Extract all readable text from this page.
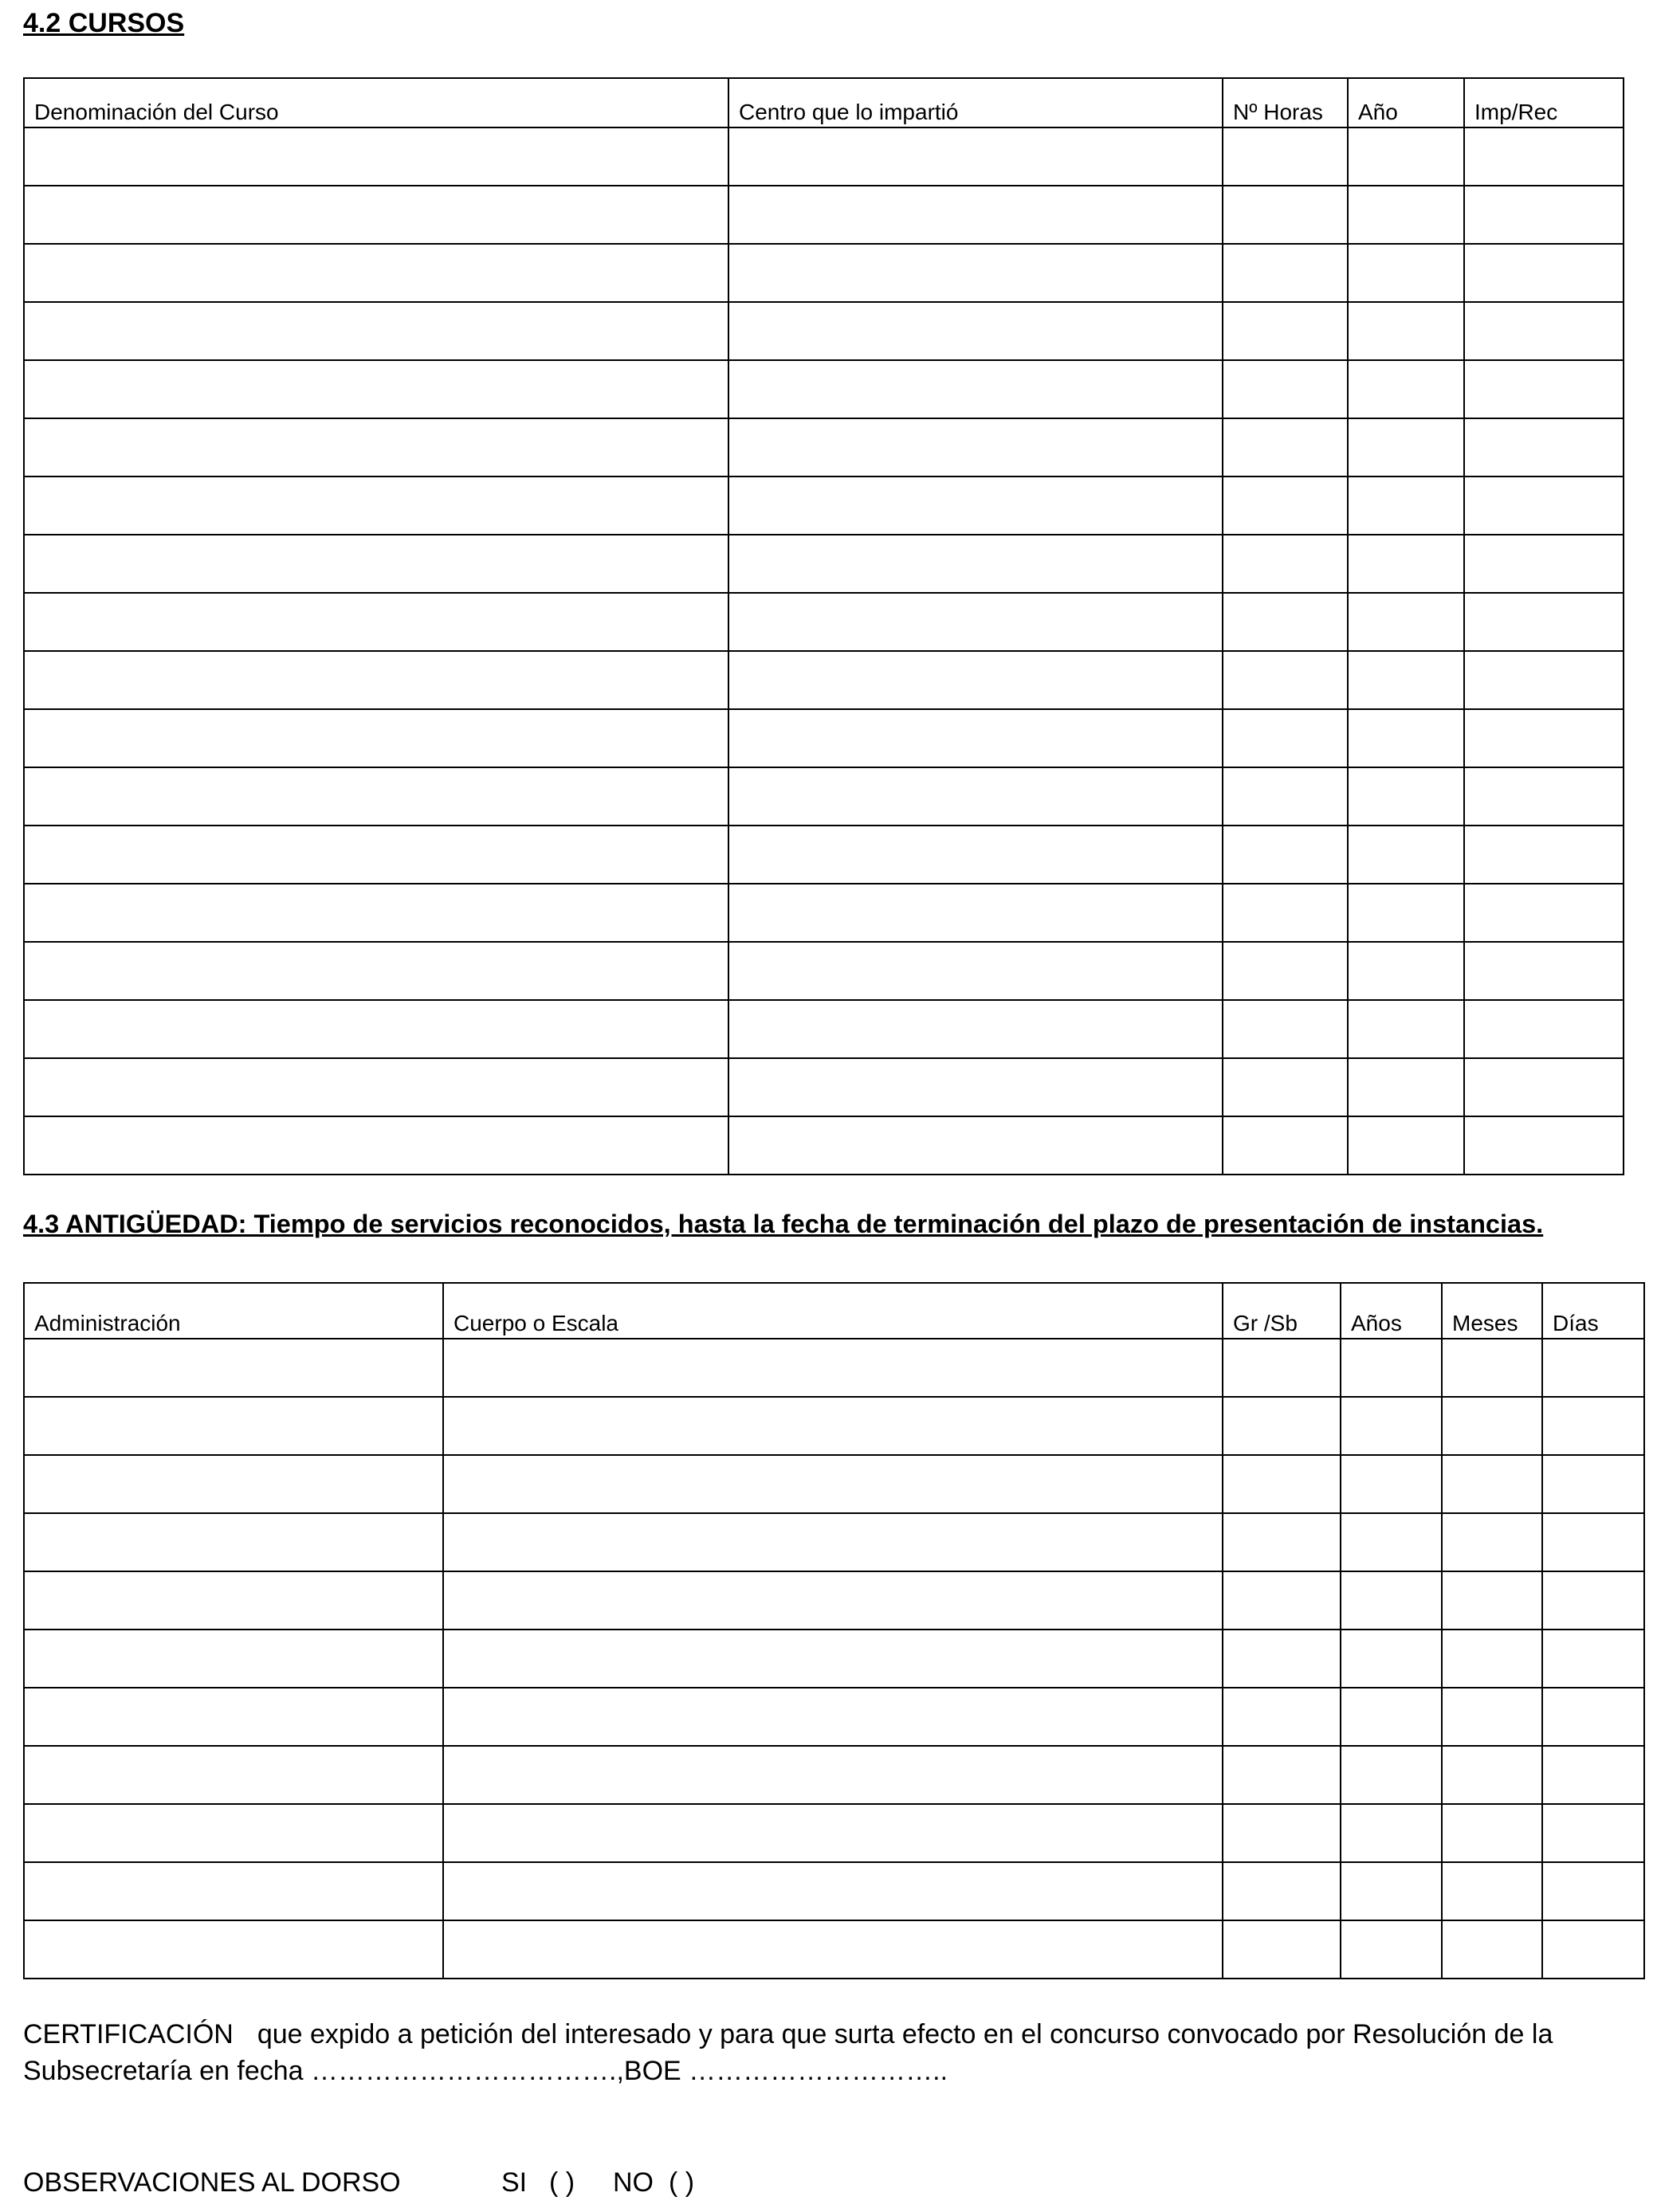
4.2 CURSOS
Denominación del Curso	Centro que lo impartió	Nº Horas	Año	Imp/Rec

4.3 ANTIGÜEDAD: Tiempo de servicios reconocidos, hasta la fecha de terminación del plazo de presentación de instancias.
Administración	Cuerpo o Escala	Gr /Sb	Años	Meses	Días

CERTIFICACIÓN que expido a petición del interesado y para que surta efecto en el concurso convocado por Resolución de la Subsecretaría en fecha …………………………….,BOE ………………………..
OBSERVACIONES AL DORSO	SI ( ) NO ( )
